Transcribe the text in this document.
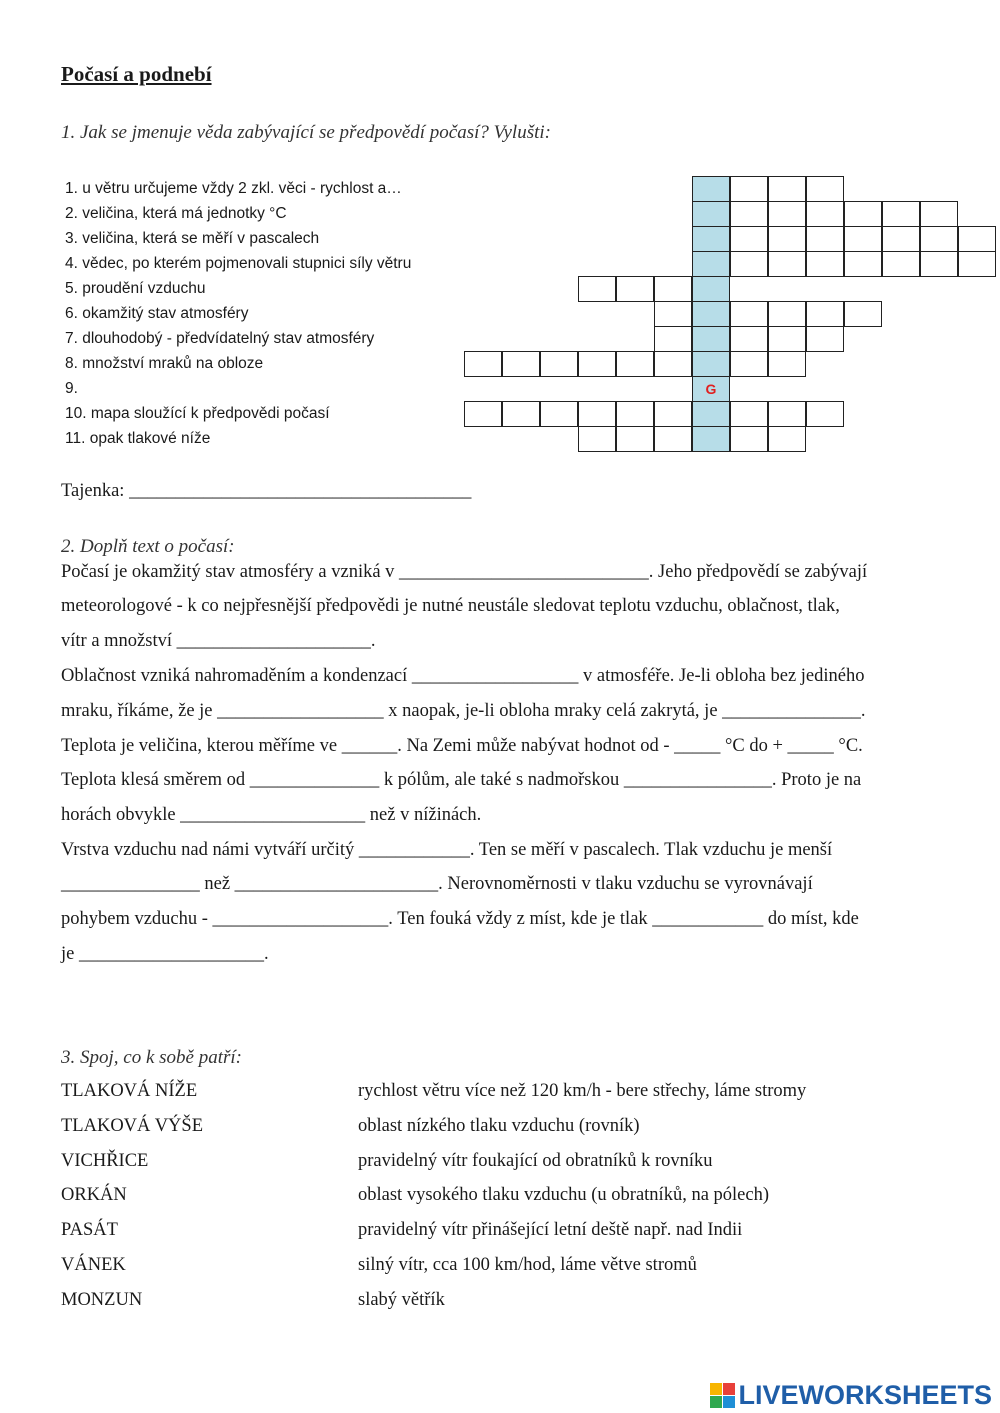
Počasí a podnebí
1. Jak se jmenuje věda zabývající se předpovědí počasí? Vylušti:
1. u větru určujeme vždy 2 zkl. věci - rychlost a…
2. veličina, která má jednotky °C
3. veličina, která se měří v pascalech
4. vědec, po kterém pojmenovali stupnici síly větru
5. proudění vzduchu
6. okamžitý stav atmosféry
7. dlouhodobý - předvídatelný stav atmosféry
8. množství mraků na obloze
9.
10. mapa sloužící k předpovědi počasí
11. opak tlakové níže
G
Tajenka: _____________________________________
2. Doplň text o počasí:
Počasí je okamžitý stav atmosféry a vzniká v ___________________________. Jeho předpovědí se zabývají
meteorologové - k co nejpřesnější předpovědi je nutné neustále sledovat teplotu vzduchu, oblačnost, tlak,
vítr a množství _____________________.
Oblačnost vzniká nahromaděním a kondenzací __________________ v atmosféře. Je-li obloha bez jediného
mraku, říkáme, že je __________________ x naopak, je-li obloha mraky celá zakrytá, je _______________.
Teplota je veličina, kterou měříme ve ______. Na Zemi může nabývat hodnot od - _____ °C do + _____ °C.
Teplota klesá směrem od ______________ k pólům, ale také s nadmořskou ________________. Proto je na
horách obvykle ____________________ než v nížinách.
Vrstva vzduchu nad námi vytváří určitý ____________. Ten se měří v pascalech. Tlak vzduchu je menší
_______________ než ______________________. Nerovnoměrnosti v tlaku vzduchu se vyrovnávají
pohybem vzduchu - ___________________. Ten fouká vždy z míst, kde je tlak ____________ do míst, kde
je ____________________.
3. Spoj, co k sobě patří:
TLAKOVÁ NÍŽE	rychlost větru více než 120 km/h - bere střechy, láme stromy
TLAKOVÁ VÝŠE	oblast nízkého tlaku vzduchu (rovník)
VICHŘICE	pravidelný vítr foukající od obratníků k rovníku
ORKÁN	oblast vysokého tlaku vzduchu (u obratníků, na pólech)
PASÁT	pravidelný vítr přinášející letní deště např. nad Indii
VÁNEK	silný vítr, cca 100 km/hod, láme větve stromů
MONZUN	slabý větřík
LIVEWORKSHEETS
